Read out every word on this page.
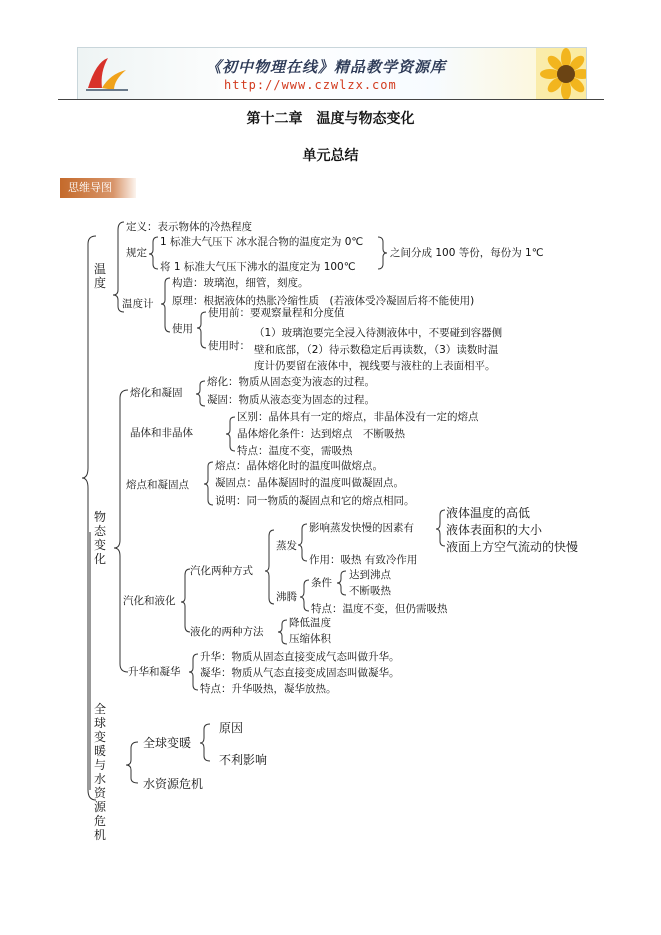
《初中物理在线》精品教学资源库
http://www.czwlzx.com
第十二章　温度与物态变化
单元总结
思维导图
温度
定义：表示物体的冷热程度
规定
1 标准大气压下 冰水混合物的温度定为 0℃
将 1 标准大气压下沸水的温度定为 100℃
之间分成 100 等份，每份为 1℃
温度计
构造：玻璃泡，细管，刻度。
原理：根据液体的热胀冷缩性质　(若液体受冷凝固后将不能使用)
使用
使用前：要观察量程和分度值
使用时：
（1）玻璃泡要完全浸入待测液体中，不要碰到容器侧
壁和底部，（2）待示数稳定后再读数，（3）读数时温
度计仍要留在液体中，视线要与液柱的上表面相平。
物态变化
熔化和凝固
熔化：物质从固态变为液态的过程。
凝固：物质从液态变为固态的过程。
晶体和非晶体
区别：晶体具有一定的熔点，非晶体没有一定的熔点
晶体熔化条件：达到熔点　不断吸热
特点：温度不变，需吸热
熔点和凝固点
熔点：晶体熔化时的温度叫做熔点。
凝固点：晶体凝固时的温度叫做凝固点。
说明：同一物质的凝固点和它的熔点相同。
汽化和液化
汽化两种方式
蒸发
影响蒸发快慢的因素有
液体温度的高低
液体表面积的大小
液面上方空气流动的快慢
作用：吸热 有致冷作用
沸腾
条件
达到沸点
不断吸热
特点：温度不变，但仍需吸热
液化的两种方法
降低温度
压缩体积
升华和凝华
升华：物质从固态直接变成气态叫做升华。
凝华：物质从气态直接变成固态叫做凝华。
特点：升华吸热，凝华放热。
全球变暖与水资源危机
全球变暖
原因
不利影响
水资源危机
